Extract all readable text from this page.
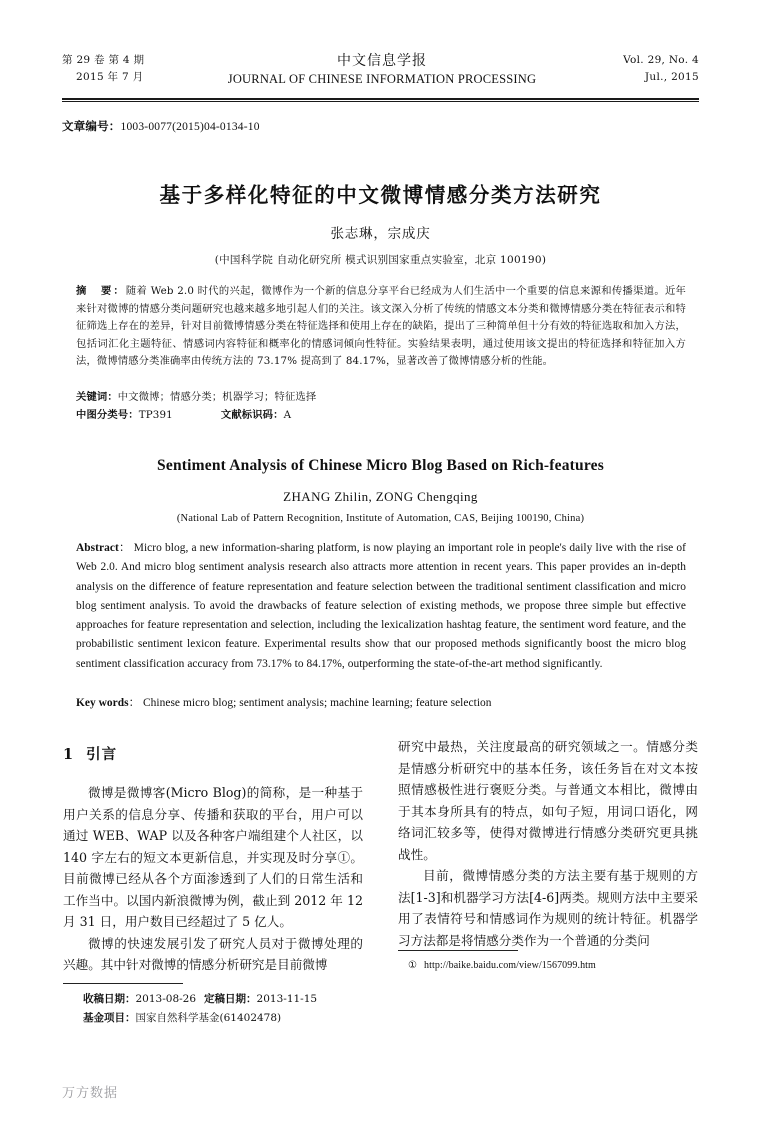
第 29 卷 第 4 期
2015 年 7 月
中文信息学报
JOURNAL OF CHINESE INFORMATION PROCESSING
Vol. 29, No. 4
Jul., 2015
文章编号：1003-0077(2015)04-0134-10
基于多样化特征的中文微博情感分类方法研究
张志琳，宗成庆
(中国科学院 自动化研究所 模式识别国家重点实验室，北京 100190)
摘　要：随着 Web 2.0 时代的兴起，微博作为一个新的信息分享平台已经成为人们生活中一个重要的信息来源和传播渠道。近年来针对微博的情感分类问题研究也越来越多地引起人们的关注。该文深入分析了传统的情感文本分类和微博情感分类在特征表示和特征筛选上存在的差异，针对目前微博情感分类在特征选择和使用上存在的缺陷，提出了三种简单但十分有效的特征选取和加入方法，包括词汇化主题特征、情感词内容特征和概率化的情感词倾向性特征。实验结果表明，通过使用该文提出的特征选择和特征加入方法，微博情感分类准确率由传统方法的 73.17% 提高到了 84.17%，显著改善了微博情感分析的性能。
关键词：中文微博；情感分类；机器学习；特征选择
中图分类号：TP391	文献标识码：A
Sentiment Analysis of Chinese Micro Blog Based on Rich-features
ZHANG Zhilin, ZONG Chengqing
(National Lab of Pattern Recognition, Institute of Automation, CAS, Beijing 100190, China)
Abstract： Micro blog, a new information-sharing platform, is now playing an important role in people's daily live with the rise of Web 2.0. And micro blog sentiment analysis research also attracts more attention in recent years. This paper provides an in-depth analysis on the difference of feature representation and feature selection between the traditional sentiment classification and micro blog sentiment analysis. To avoid the drawbacks of feature selection of existing methods, we propose three simple but effective approaches for feature representation and selection, including the lexicalization hashtag feature, the sentiment word feature, and the probabilistic sentiment lexicon feature. Experimental results show that our proposed methods significantly boost the micro blog sentiment classification accuracy from 73.17% to 84.17%, outperforming the state-of-the-art method significantly.
Key words： Chinese micro blog; sentiment analysis; machine learning; feature selection
1 引言

微博是微博客(Micro Blog)的简称，是一种基于用户关系的信息分享、传播和获取的平台，用户可以通过 WEB、WAP 以及各种客户端组建个人社区，以 140 字左右的短文本更新信息，并实现及时分享①。目前微博已经从各个方面渗透到了人们的日常生活和工作当中。以国内新浪微博为例，截止到 2012 年 12 月 31 日，用户数目已经超过了 5 亿人。

微博的快速发展引发了研究人员对于微博处理的兴趣。其中针对微博的情感分析研究是目前微博

研究中最热，关注度最高的研究领域之一。情感分类是情感分析研究中的基本任务，该任务旨在对文本按照情感极性进行褒贬分类。与普通文本相比，微博由于其本身所具有的特点，如句子短，用词口语化，网络词汇较多等，使得对微博进行情感分类研究更具挑战性。

目前，微博情感分类的方法主要有基于规则的方法[1-3]和机器学习方法[4-6]两类。规则方法中主要采用了表情符号和情感词作为规则的统计特征。机器学习方法都是将情感分类作为一个普通的分类问

收稿日期：2013-08-26 定稿日期：2013-11-15
基金项目：国家自然科学基金(61402478)
① http://baike.baidu.com/view/1567099.htm
万方数据
